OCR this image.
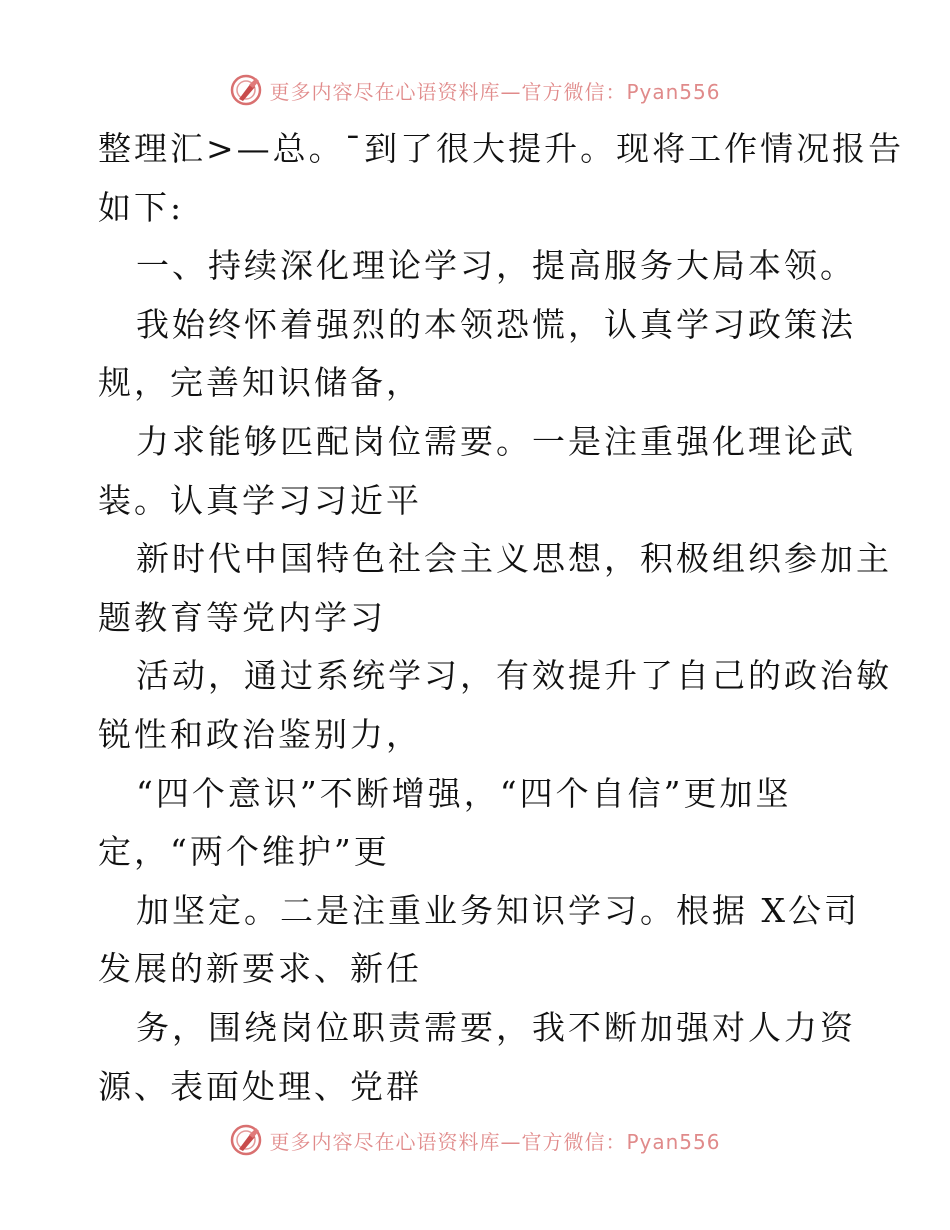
更多内容尽在心语资料库—官方微信：Pyan556
整理汇>—总。¯到了很大提升。现将工作情况报告
如下:
一、持续深化理论学习，提高服务大局本领。
我始终怀着强烈的本领恐慌，认真学习政策法
规，完善知识储备，
力求能够匹配岗位需要。一是注重强化理论武
装。认真学习习近平
新时代中国特色社会主义思想，积极组织参加主
题教育等党内学习
活动，通过系统学习，有效提升了自己的政治敏
锐性和政治鉴别力，
“四个意识”不断增强，“四个自信”更加坚
定，“两个维护”更
加坚定。二是注重业务知识学习。根据 X公司
发展的新要求、新任
务，围绕岗位职责需要，我不断加强对人力资
源、表面处理、党群
更多内容尽在心语资料库—官方微信：Pyan556
